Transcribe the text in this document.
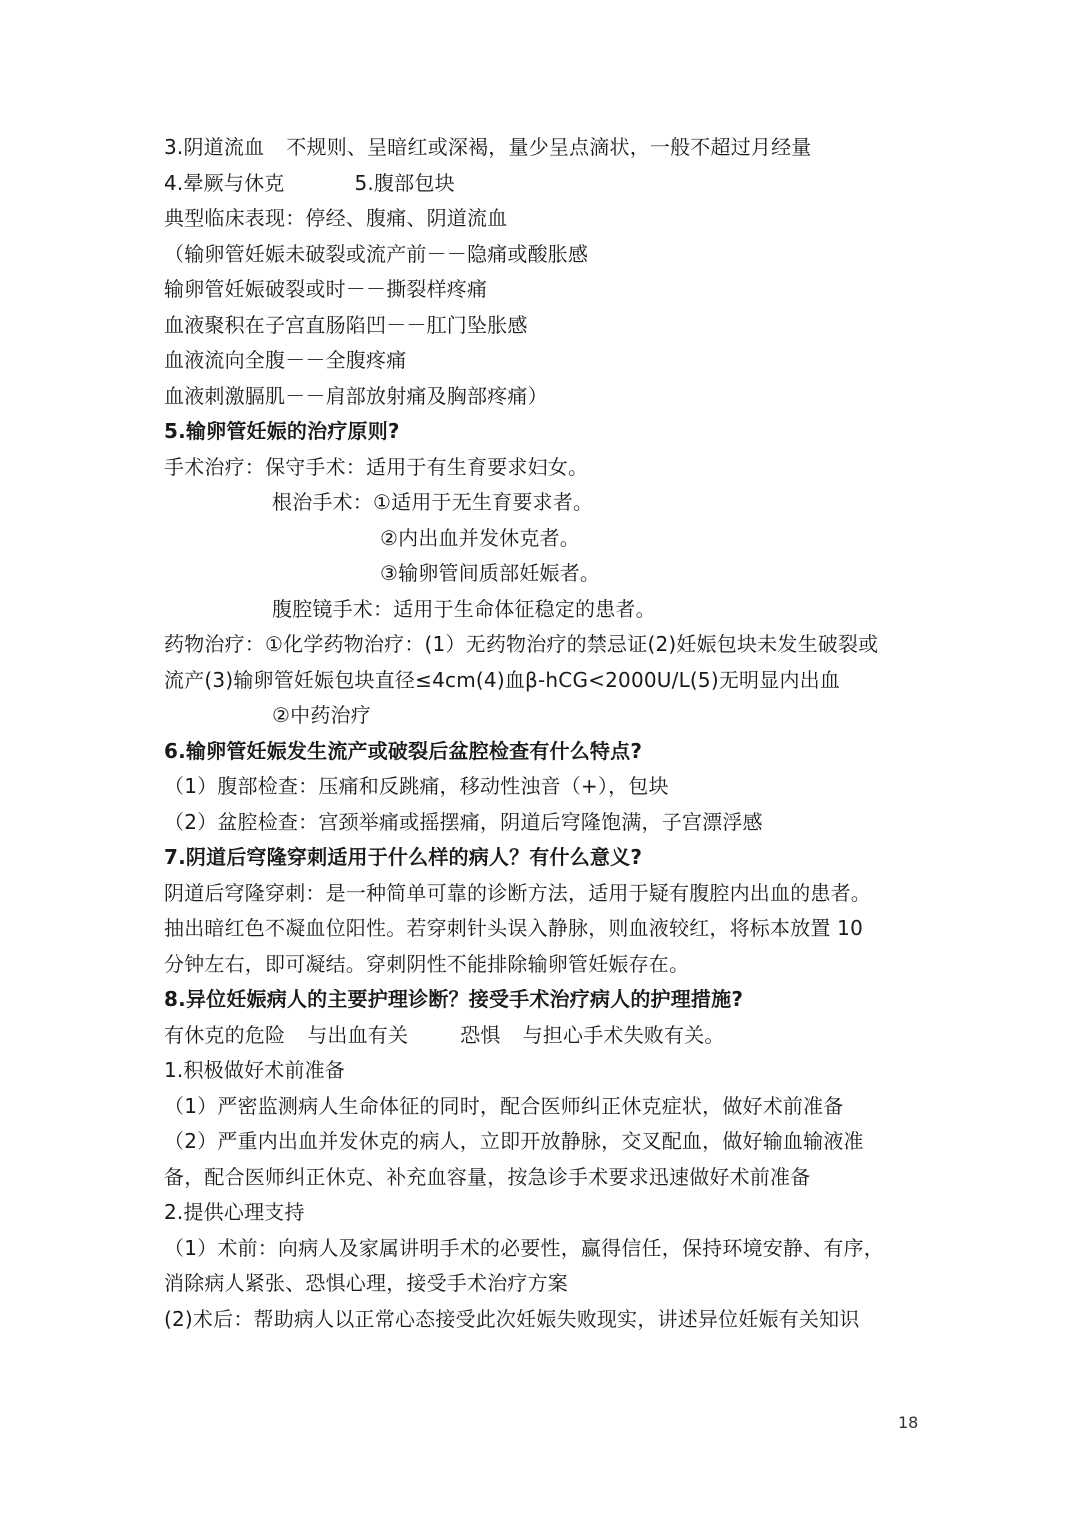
3.阴道流血 不规则、呈暗红或深褐，量少呈点滴状，一般不超过月经量
4.晕厥与休克	5.腹部包块
典型临床表现：停经、腹痛、阴道流血
（输卵管妊娠未破裂或流产前－－隐痛或酸胀感
输卵管妊娠破裂或时－－撕裂样疼痛
血液聚积在子宫直肠陷凹－－肛门坠胀感
血液流向全腹－－全腹疼痛
血液刺激膈肌－－肩部放射痛及胸部疼痛）
5.输卵管妊娠的治疗原则?
手术治疗：保守手术：适用于有生育要求妇女。
根治手术：①适用于无生育要求者。
②内出血并发休克者。
③输卵管间质部妊娠者。
腹腔镜手术：适用于生命体征稳定的患者。
药物治疗：①化学药物治疗：(1）无药物治疗的禁忌证(2)妊娠包块未发生破裂或
流产(3)输卵管妊娠包块直径≤4cm(4)血β-hCG<2000U/L(5)无明显内出血
②中药治疗
6.输卵管妊娠发生流产或破裂后盆腔检查有什么特点?
（1）腹部检查：压痛和反跳痛，移动性浊音（+），包块
（2）盆腔检查：宫颈举痛或摇摆痛，阴道后穹隆饱满，子宫漂浮感
7.阴道后穹隆穿刺适用于什么样的病人？有什么意义?
阴道后穹隆穿刺：是一种简单可靠的诊断方法，适用于疑有腹腔内出血的患者。
抽出暗红色不凝血位阳性。若穿刺针头误入静脉，则血液较红，将标本放置 10
分钟左右，即可凝结。穿刺阴性不能排除输卵管妊娠存在。
8.异位妊娠病人的主要护理诊断？接受手术治疗病人的护理措施?
有休克的危险 与出血有关	恐惧 与担心手术失败有关。
1.积极做好术前准备
（1）严密监测病人生命体征的同时，配合医师纠正休克症状，做好术前准备
（2）严重内出血并发休克的病人，立即开放静脉，交叉配血，做好输血输液准
备，配合医师纠正休克、补充血容量，按急诊手术要求迅速做好术前准备
2.提供心理支持
（1）术前：向病人及家属讲明手术的必要性，赢得信任，保持环境安静、有序，
消除病人紧张、恐惧心理，接受手术治疗方案
(2)术后：帮助病人以正常心态接受此次妊娠失败现实，讲述异位妊娠有关知识
18
